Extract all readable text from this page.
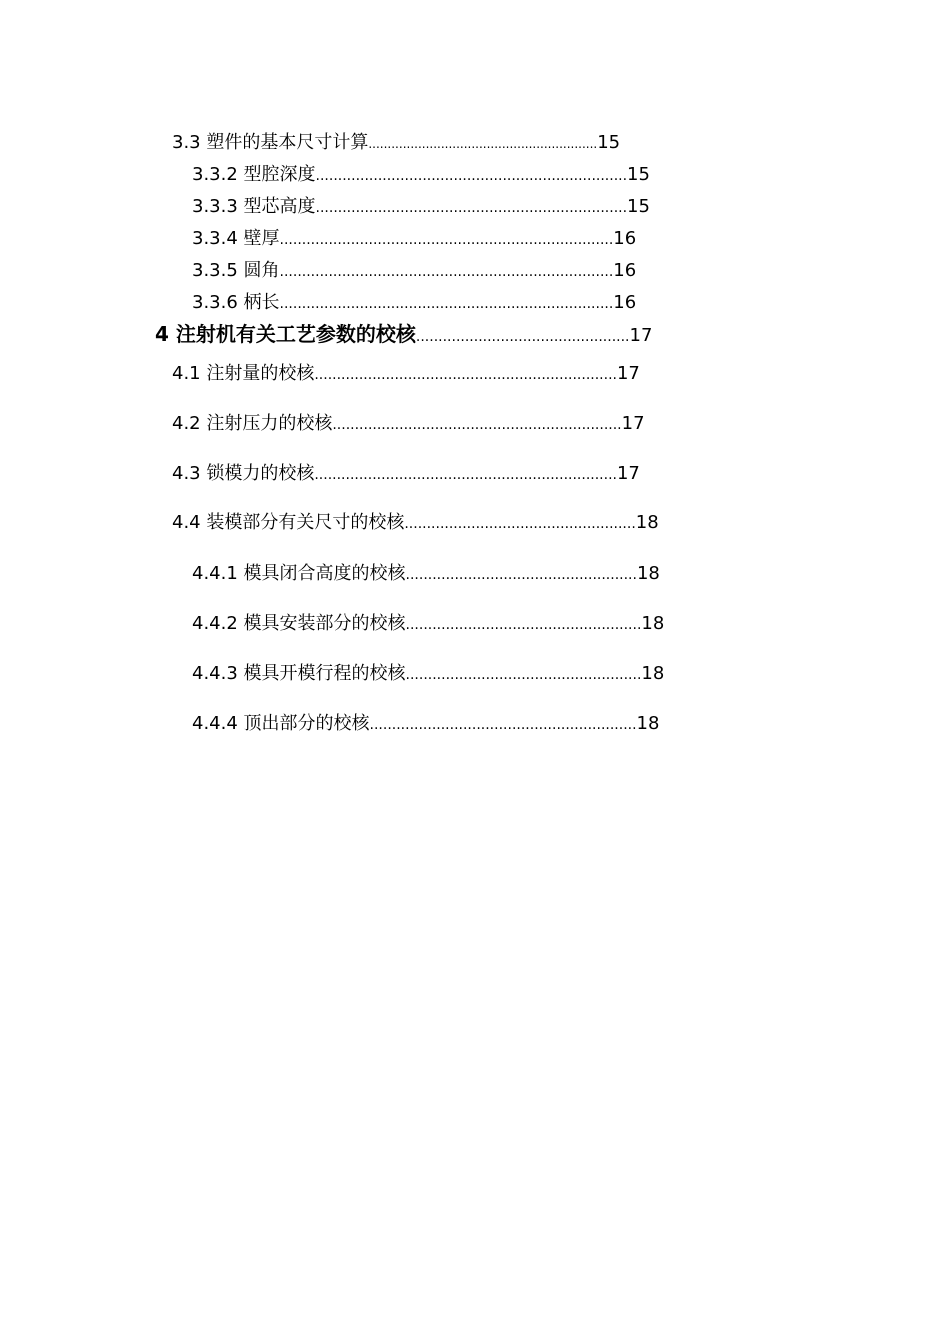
3.3 塑件的基本尺寸计算............................................................15
3.3.2 型腔深度......................................................................15
3.3.3 型芯高度......................................................................15
3.3.4 壁厚...........................................................................16
3.3.5 圆角...........................................................................16
3.3.6 柄长...........................................................................16
4 注射机有关工艺参数的校核................................................17
4.1 注射量的校核....................................................................17
4.2 注射压力的校核.................................................................17
4.3 锁模力的校核....................................................................17
4.4 装模部分有关尺寸的校核....................................................18
4.4.1 模具闭合高度的校核....................................................18
4.4.2 模具安装部分的校核.....................................................18
4.4.3 模具开模行程的校核.....................................................18
4.4.4 顶出部分的校核............................................................18
